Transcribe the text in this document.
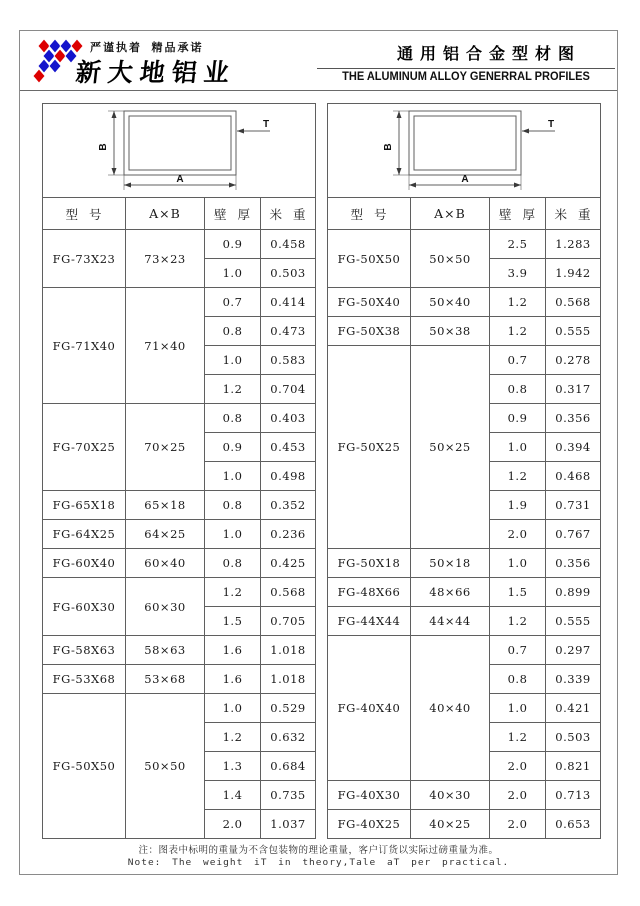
严谨执着  精品承诺
新大地铝业
通用铝合金型材图
THE ALUMINUM ALLOY GENERRAL PROFILES
B
A
T			

型  号	A×B	壁  厚	米  重
FG-73X23	73×23	0.9	0.458
		1.0	0.503
FG-71X40	71×40	0.7	0.414
		0.8	0.473
		1.0	0.583
		1.2	0.704
FG-70X25	70×25	0.8	0.403
		0.9	0.453
		1.0	0.498
FG-65X18	65×18	0.8	0.352
FG-64X25	64×25	1.0	0.236
FG-60X40	60×40	0.8	0.425
FG-60X30	60×30	1.2	0.568
		1.5	0.705
FG-58X63	58×63	1.6	1.018
FG-53X68	53×68	1.6	1.018
FG-50X50	50×50	1.0	0.529
		1.2	0.632
		1.3	0.684
		1.4	0.735
		2.0	1.037
B
A
T			

型  号	A×B	壁  厚	米  重
FG-50X50	50×50	2.5	1.283
		3.9	1.942
FG-50X40	50×40	1.2	0.568
FG-50X38	50×38	1.2	0.555
FG-50X25	50×25	0.7	0.278
		0.8	0.317
		0.9	0.356
		1.0	0.394
		1.2	0.468
		1.9	0.731
		2.0	0.767
FG-50X18	50×18	1.0	0.356
FG-48X66	48×66	1.5	0.899
FG-44X44	44×44	1.2	0.555
FG-40X40	40×40	0.7	0.297
		0.8	0.339
		1.0	0.421
		1.2	0.503
		2.0	0.821
FG-40X30	40×30	2.0	0.713
FG-40X25	40×25	2.0	0.653
注：图表中标明的重量为不含包装物的理论重量，客户订货以实际过磅重量为准。
Note: The weight iT in theory,Tale aT per practical.
